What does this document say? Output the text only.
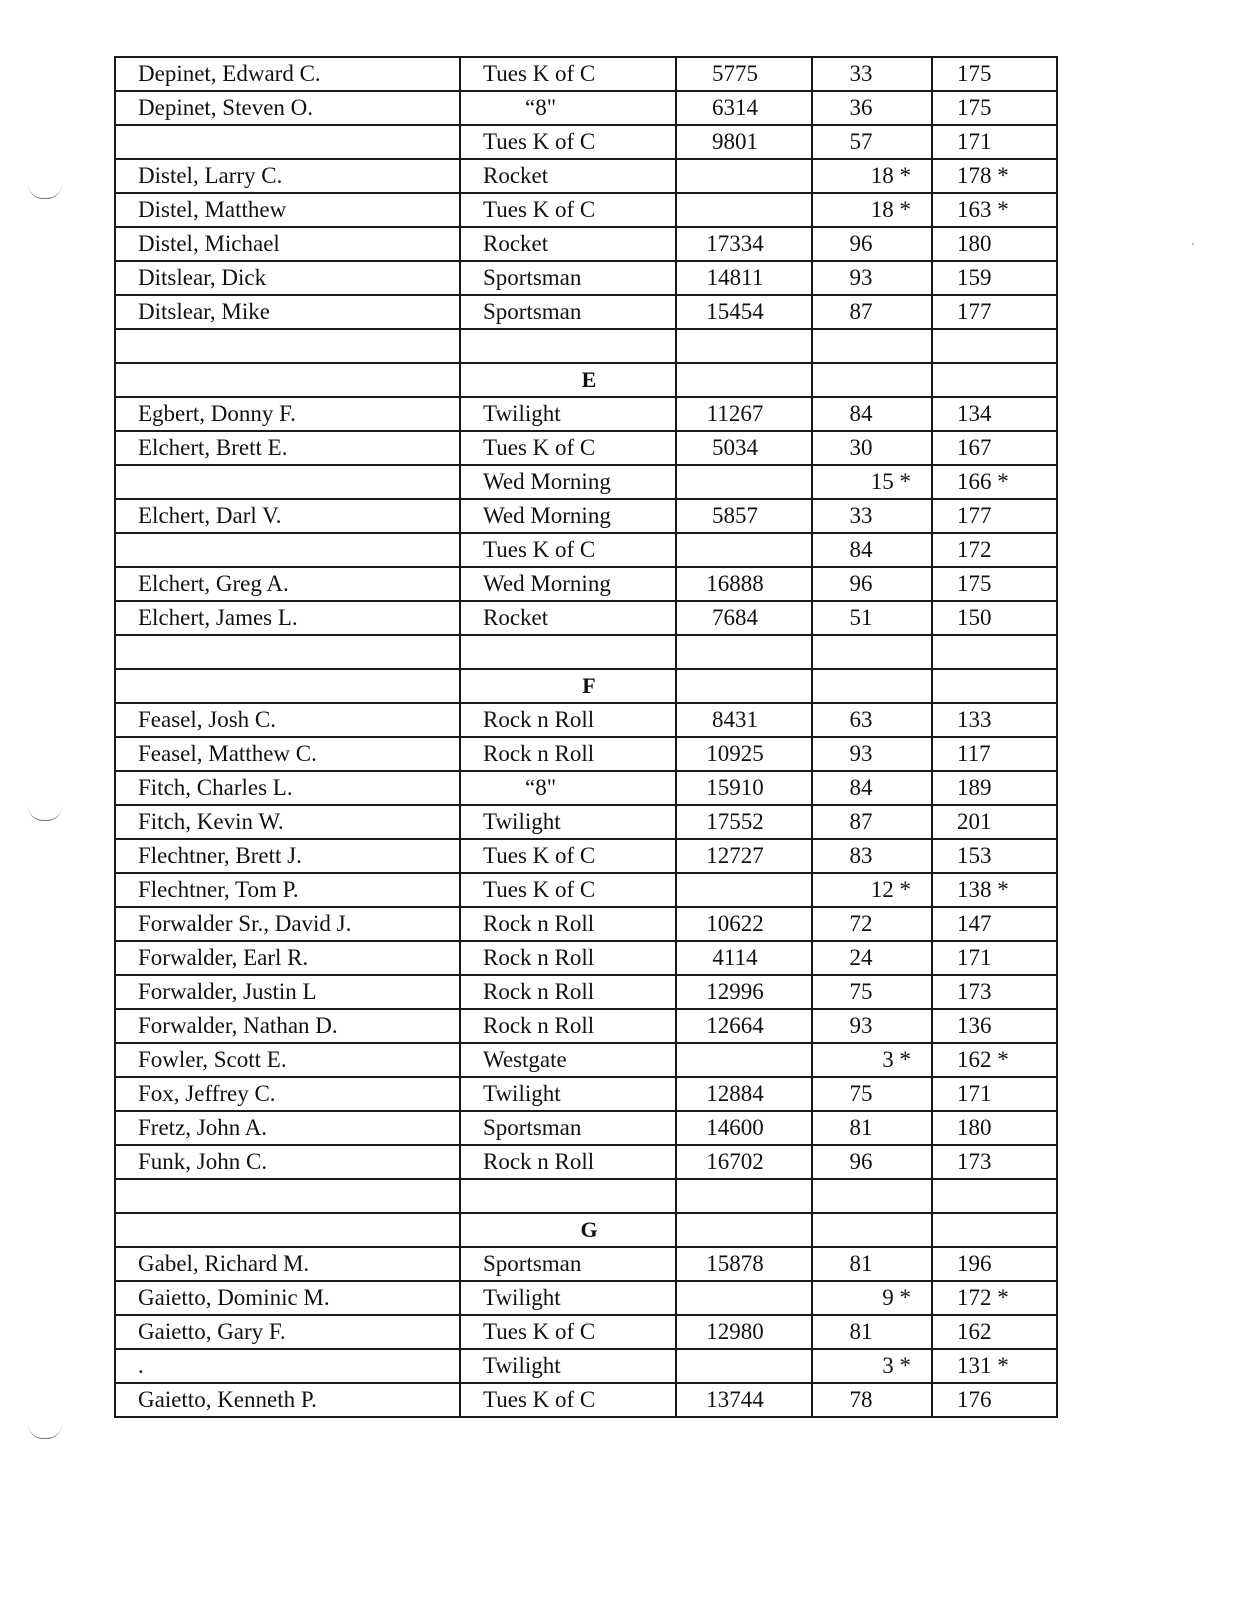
Depinet, Edward C.	Tues K of C	5775	33	175
Depinet, Steven O.	“8"	6314	36	175
	Tues K of C	9801	57	171
Distel, Larry C.	Rocket		18 *	178 *
Distel, Matthew	Tues K of C		18 *	163 *
Distel, Michael	Rocket	17334	96	180
Ditslear, Dick	Sportsman	14811	93	159
Ditslear, Mike	Sportsman	15454	87	177

	E			
Egbert, Donny F.	Twilight	11267	84	134
Elchert, Brett E.	Tues K of C	5034	30	167
	Wed Morning		15 *	166 *
Elchert, Darl V.	Wed Morning	5857	33	177
	Tues K of C		84	172
Elchert, Greg A.	Wed Morning	16888	96	175
Elchert, James L.	Rocket	7684	51	150

	F			
Feasel, Josh C.	Rock n Roll	8431	63	133
Feasel, Matthew C.	Rock n Roll	10925	93	117
Fitch, Charles L.	“8"	15910	84	189
Fitch, Kevin W.	Twilight	17552	87	201
Flechtner, Brett J.	Tues K of C	12727	83	153
Flechtner, Tom P.	Tues K of C		12 *	138 *
Forwalder Sr., David J.	Rock n Roll	10622	72	147
Forwalder, Earl R.	Rock n Roll	4114	24	171
Forwalder, Justin L	Rock n Roll	12996	75	173
Forwalder, Nathan D.	Rock n Roll	12664	93	136
Fowler, Scott E.	Westgate		3 *	162 *
Fox, Jeffrey C.	Twilight	12884	75	171
Fretz, John A.	Sportsman	14600	81	180
Funk, John C.	Rock n Roll	16702	96	173

	G			
Gabel, Richard M.	Sportsman	15878	81	196
Gaietto, Dominic M.	Twilight		9 *	172 *
Gaietto, Gary F.	Tues K of C	12980	81	162
.	Twilight		3 *	131 *
Gaietto, Kenneth P.	Tues K of C	13744	78	176
